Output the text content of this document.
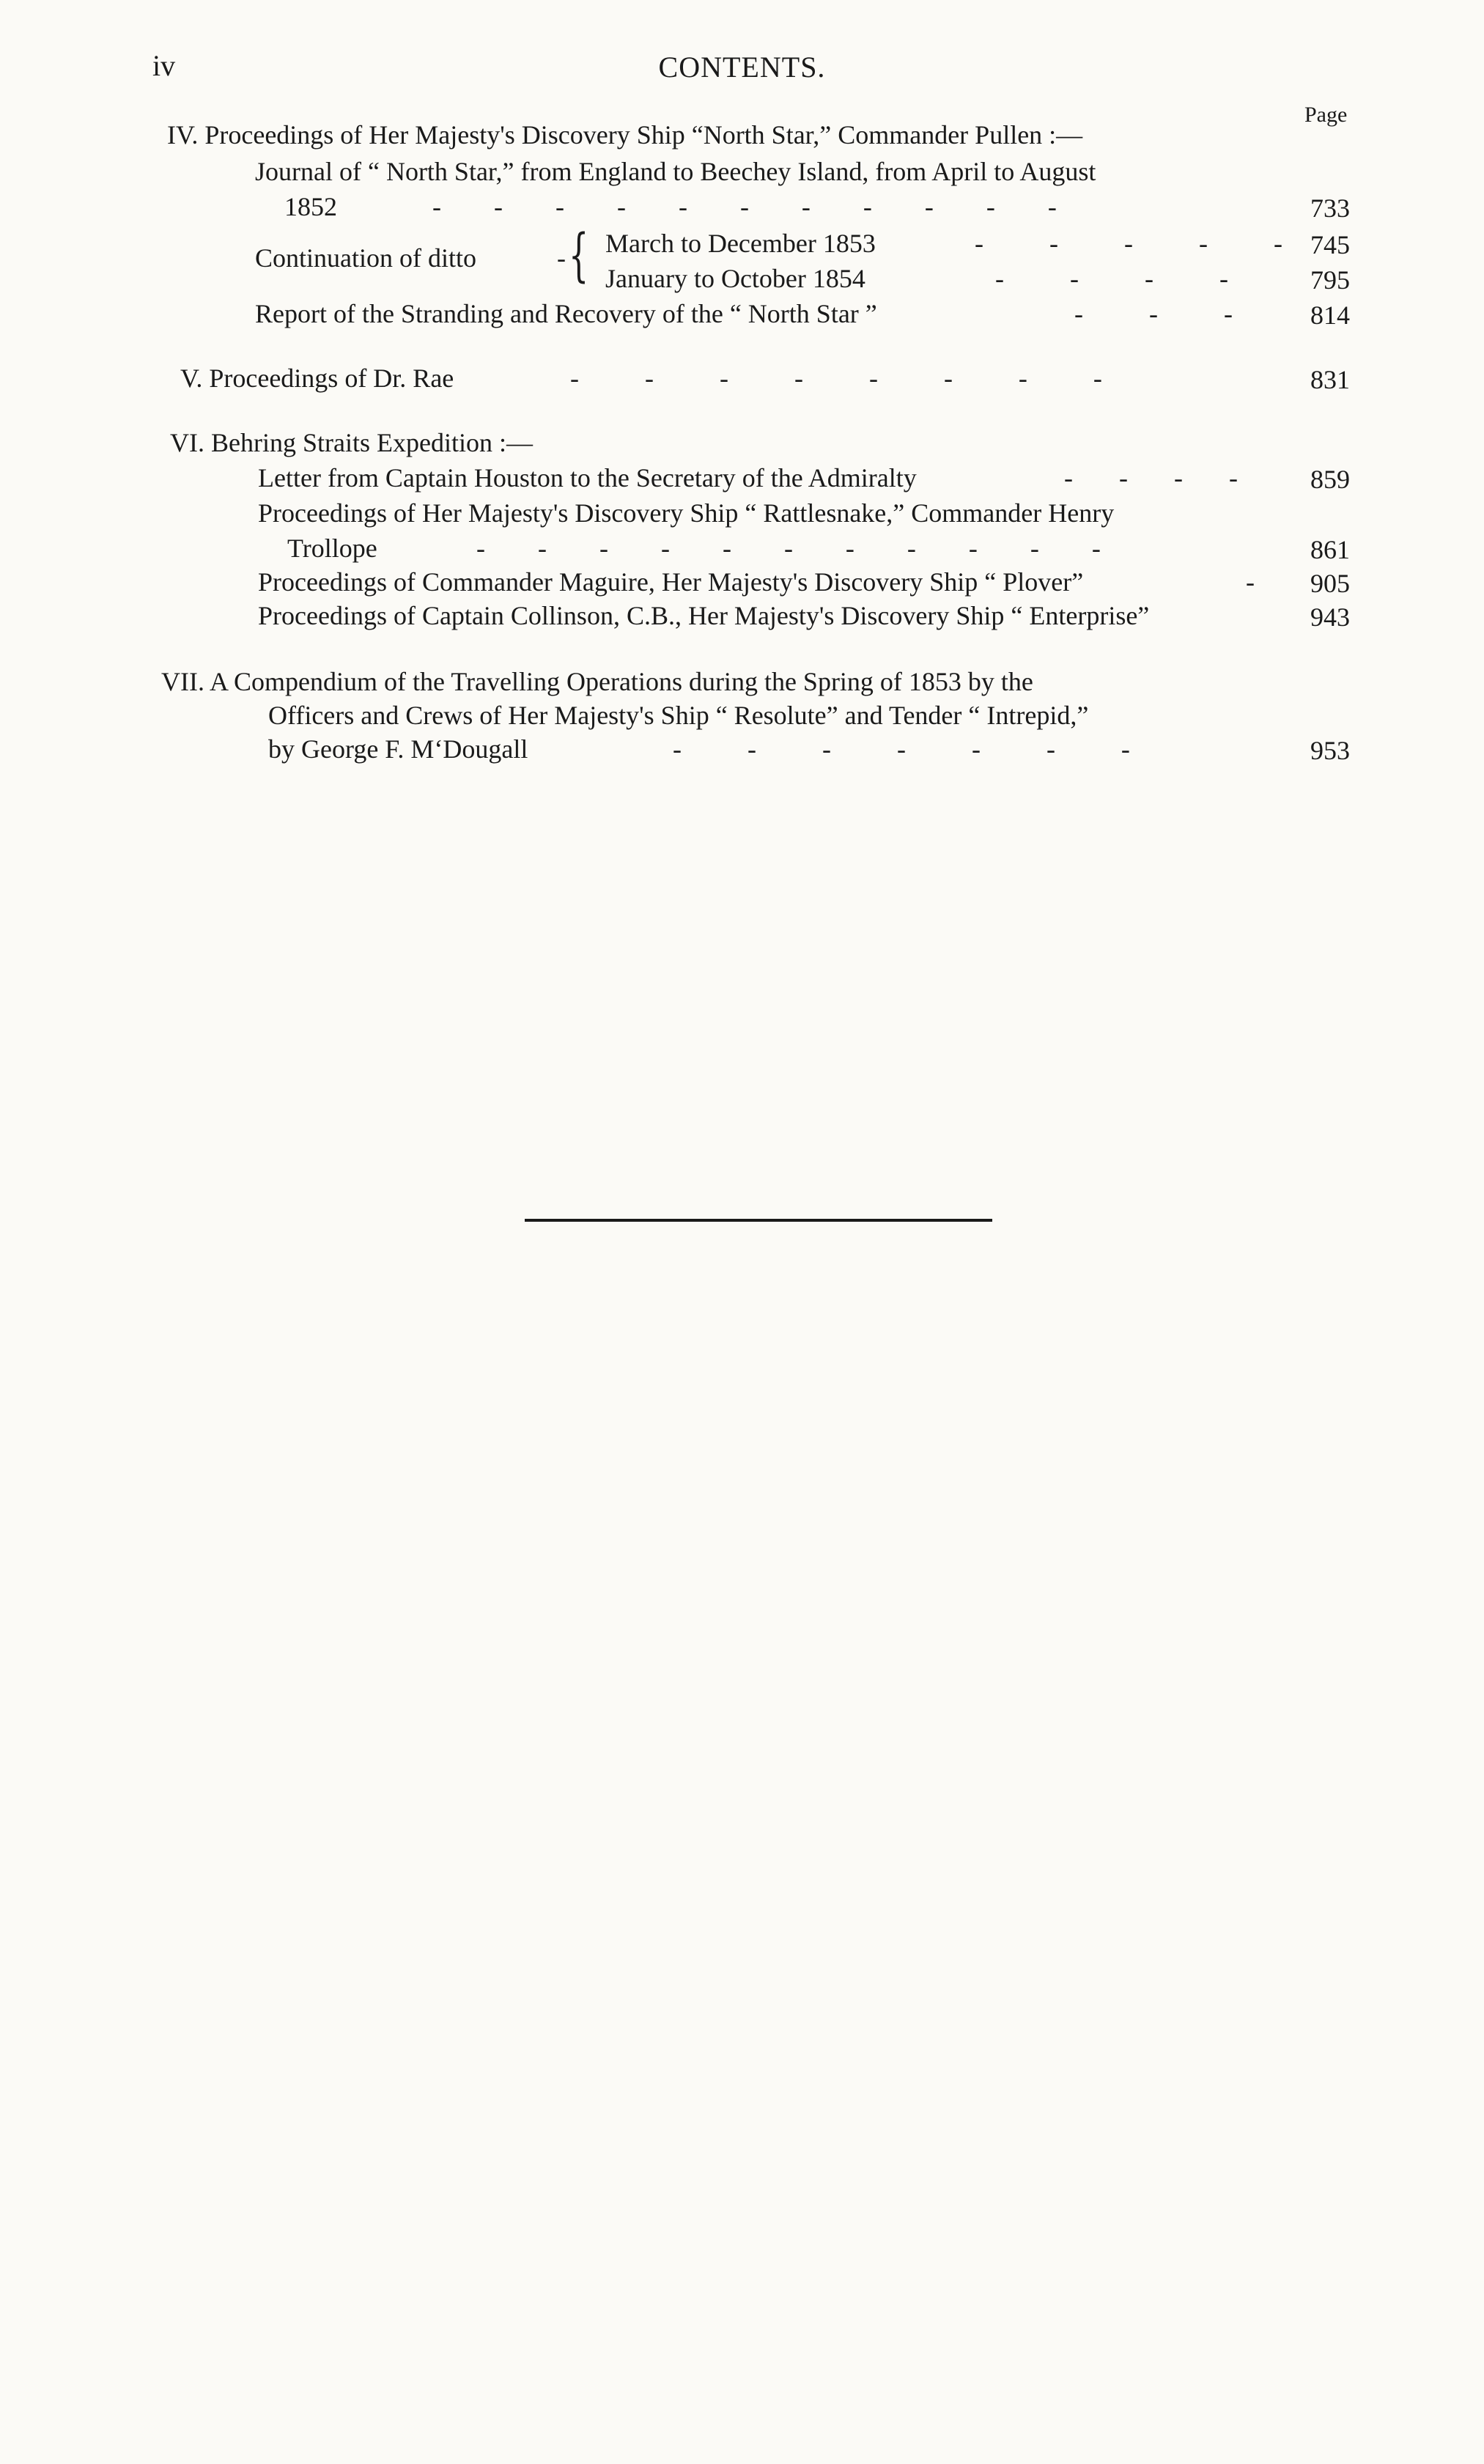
iv	CONTENTS.
Page
IV. Proceedings of Her Majesty's Discovery Ship “North Star,” Commander Pullen :—
Journal of “ North Star,” from England to Beechey Island, from April to August
1852	-        -        -        -        -        -        -        -        -        -        -	733
Continuation of ditto	- { March to December 1853	-          -          -          -          -	745
January to October 1854	-          -          -          -	795
Report of the Stranding and Recovery of the “ North Star ”	-          -          -	814
V. Proceedings of Dr. Rae	-          -          -          -          -          -          -          -	831
VI. Behring Straits Expedition :—
Letter from Captain Houston to the Secretary of the Admiralty	-       -       -       -	859
Proceedings of Her Majesty's Discovery Ship “ Rattlesnake,” Commander Henry
Trollope	-        -        -        -        -        -        -        -        -        -        -	861
Proceedings of Commander Maguire, Her Majesty's Discovery Ship “ Plover”	-	905
Proceedings of Captain Collinson, C.B., Her Majesty's Discovery Ship “ Enterprise”	943
VII. A Compendium of the Travelling Operations during the Spring of 1853 by the
Officers and Crews of Her Majesty's Ship “ Resolute” and Tender “ Intrepid,”
by George F. M‘Dougall	-          -          -          -          -          -          -	953
